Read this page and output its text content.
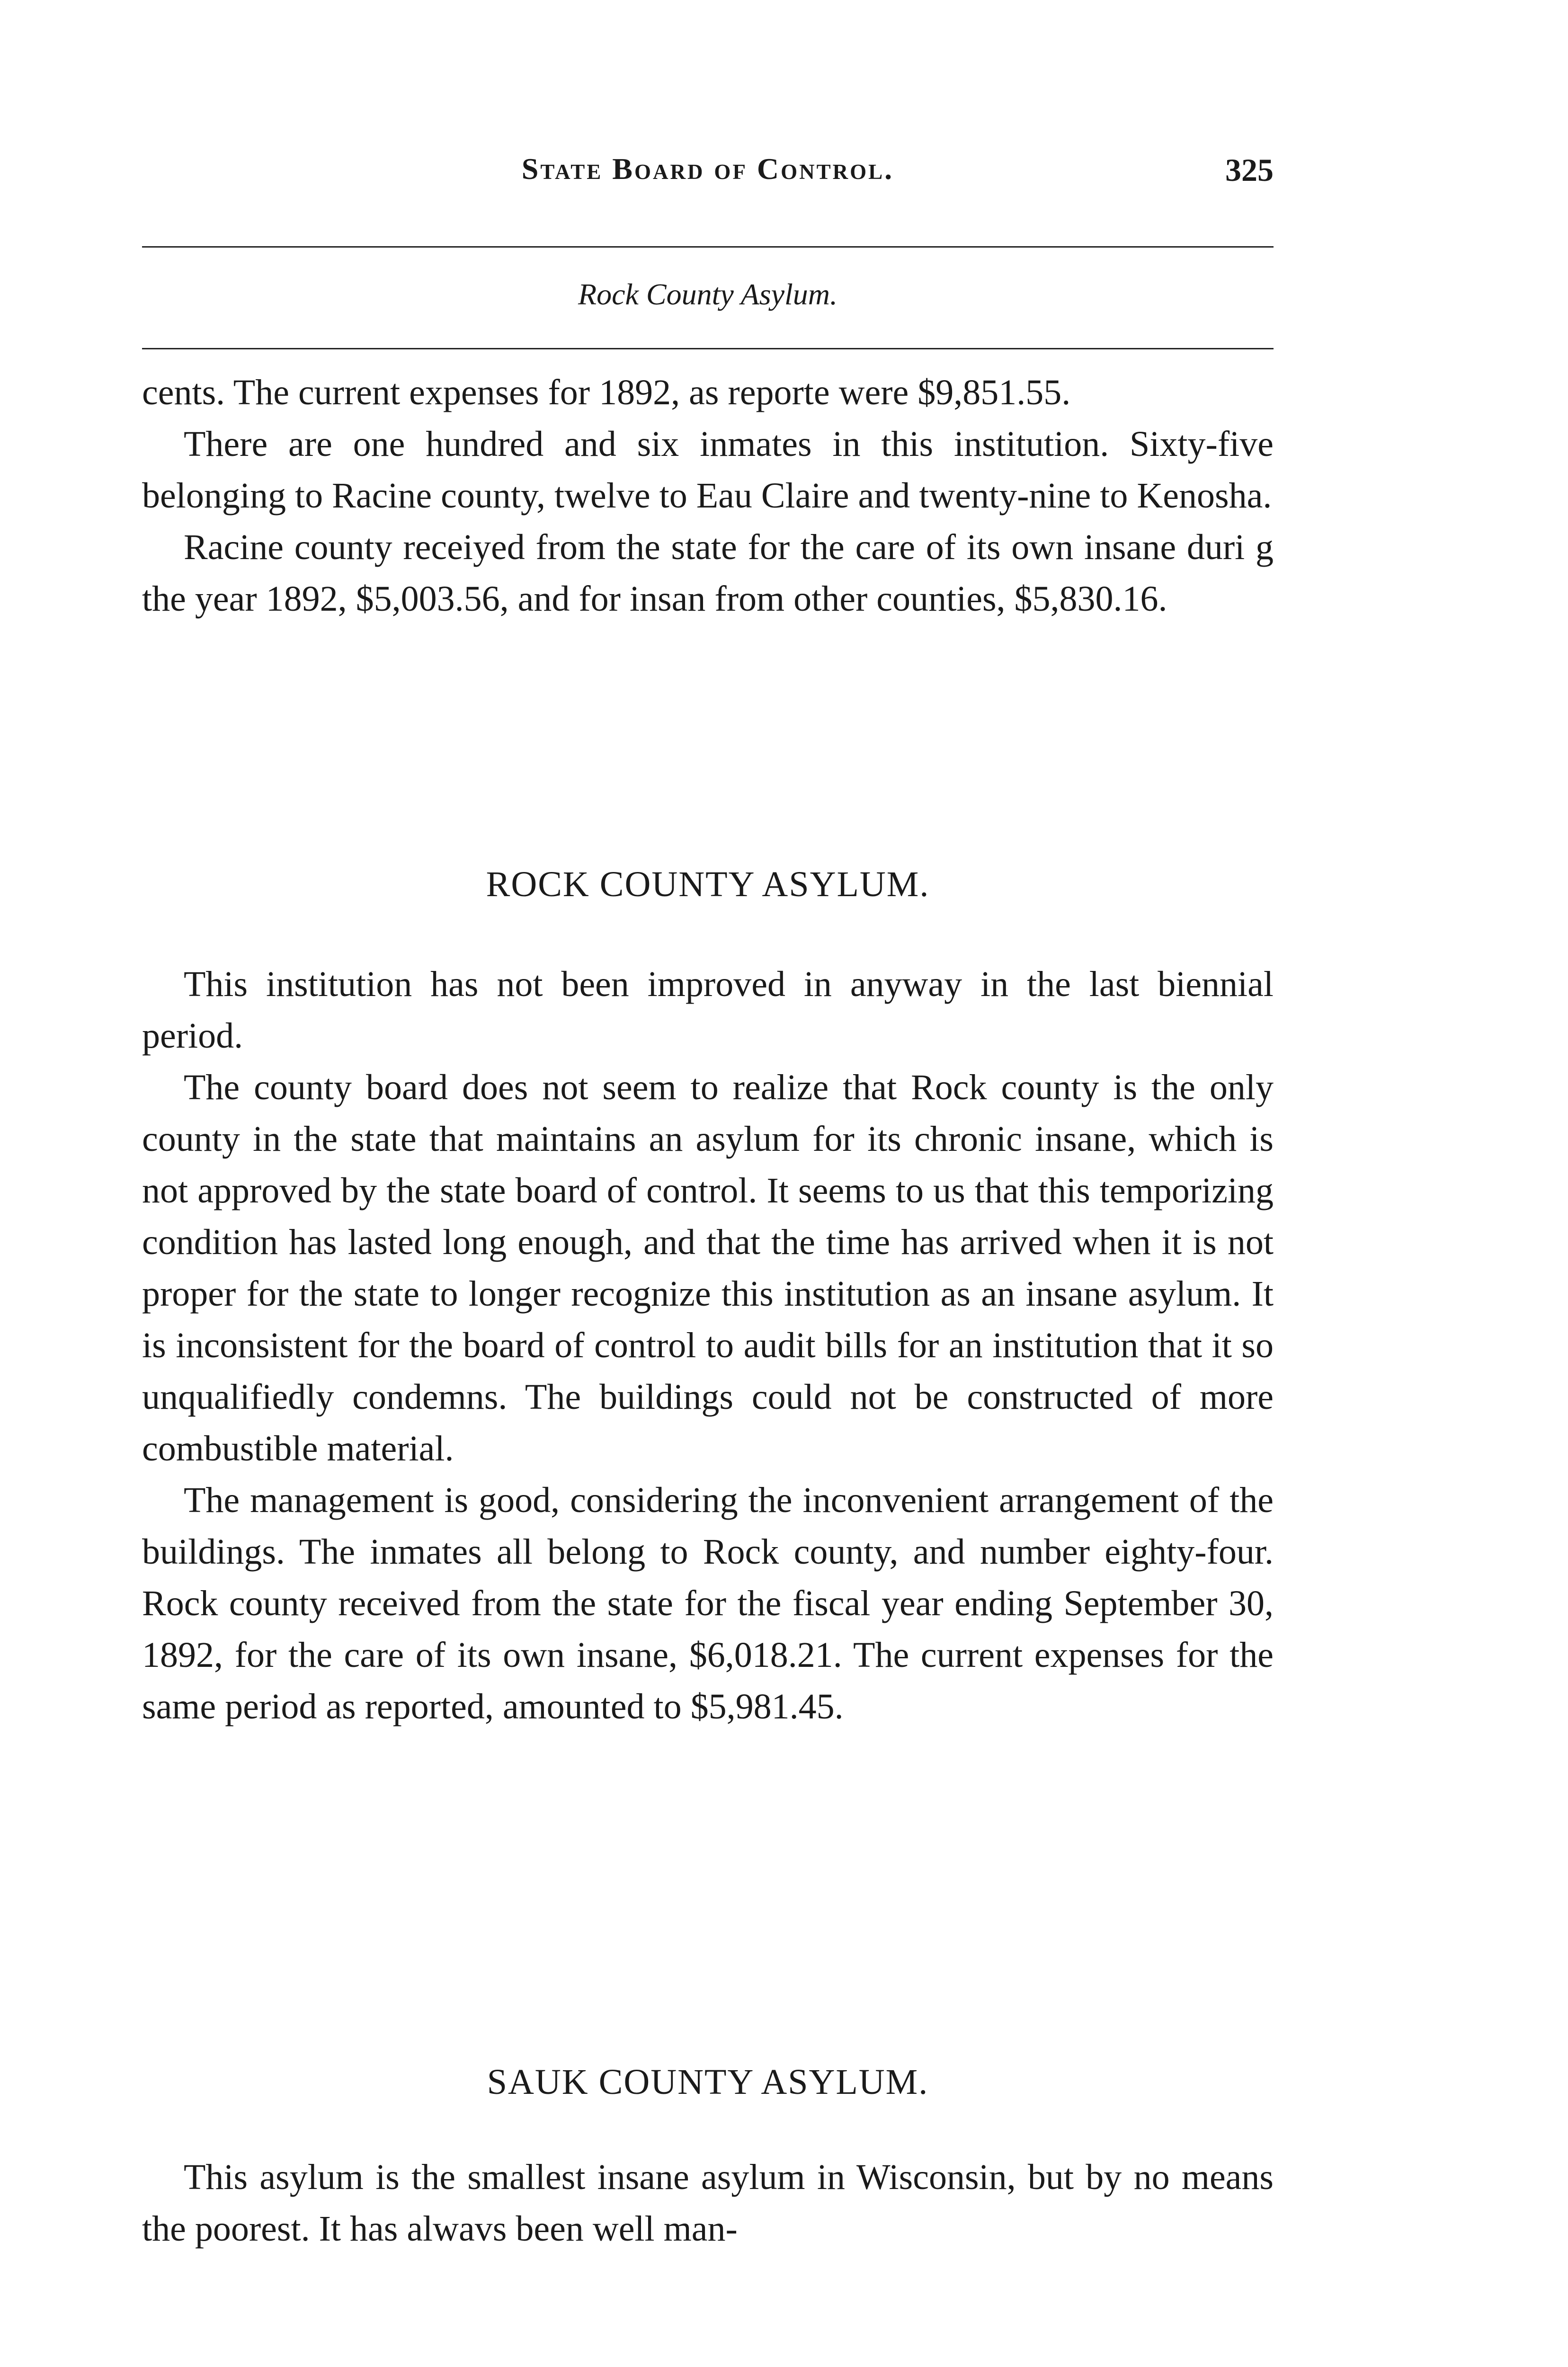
State Board of Control.	325
Rock County Asylum.

cents. The current expenses for 1892, as reporte were $9,851.55.

There are one hundred and six inmates in this institution. Sixty-five belonging to Racine county, twelve to Eau Claire and twenty-nine to Kenosha.

Racine county receiyed from the state for the care of its own insane duri g the year 1892, $5,003.56, and for insan from other counties, $5,830.16.

ROCK COUNTY ASYLUM.

This institution has not been improved in anyway in the last biennial period.

The county board does not seem to realize that Rock county is the only county in the state that maintains an asylum for its chronic insane, which is not approved by the state board of control. It seems to us that this temporizing condition has lasted long enough, and that the time has arrived when it is not proper for the state to longer recognize this institution as an insane asylum. It is inconsistent for the board of control to audit bills for an institution that it so unqualifiedly condemns. The buildings could not be constructed of more combustible material.

The management is good, considering the inconvenient arrangement of the buildings. The inmates all belong to Rock county, and number eighty-four. Rock county received from the state for the fiscal year ending September 30, 1892, for the care of its own insane, $6,018.21. The current expenses for the same period as reported, amounted to $5,981.45.

SAUK COUNTY ASYLUM.

This asylum is the smallest insane asylum in Wisconsin, but by no means the poorest. It has alwavs been well man-
